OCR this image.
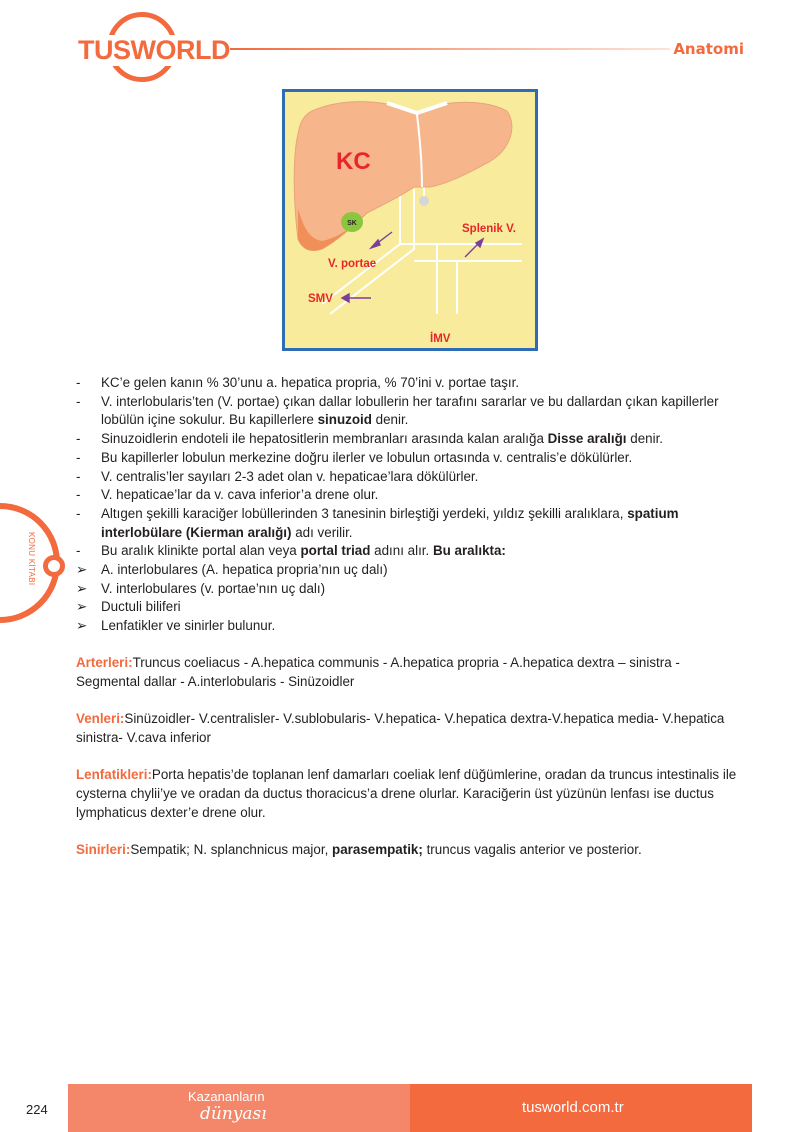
TUSWORLD	Anatomi
KONU KİTABI
SK
KC
Splenik V.
V. portae
SMV
İMV
-	KC’e gelen kanın % 30’unu a. hepatica propria, % 70’ini v. portae taşır.
-	V. interlobularis’ten (V. portae) çıkan dallar lobullerin her tarafını sararlar ve bu dallardan çıkan kapillerler lobülün içine sokulur. Bu kapillerlere sinuzoid denir.
-	Sinuzoidlerin endoteli ile hepatositlerin membranları arasında kalan aralığa Disse aralığı denir.
-	Bu kapillerler lobulun merkezine doğru ilerler ve lobulun ortasında v. centralis’e dökülürler.
-	V. centralis’ler sayıları 2-3 adet olan v. hepaticae’lara dökülürler.
-	V. hepaticae’lar da v. cava inferior’a drene olur.
-	Altıgen şekilli karaciğer lobüllerinden 3 tanesinin birleştiği yerdeki, yıldız şekilli aralıklara, spatium interlobülare (Kierman aralığı) adı verilir.
-	Bu aralık klinikte portal alan veya portal triad adını alır. Bu aralıkta:
➢	A. interlobulares (A. hepatica propria’nın uç dalı)
➢	V. interlobulares (v. portae’nın uç dalı)
➢	Ductuli biliferi
➢	Lenfatikler ve sinirler bulunur.
Arterleri:Truncus coeliacus - A.hepatica communis - A.hepatica propria - A.hepatica dextra – sinistra - Segmental dallar - A.interlobularis - Sinüzoidler
Venleri:Sinüzoidler- V.centralisler- V.sublobularis- V.hepatica- V.hepatica dextra-V.hepatica media- V.hepatica sinistra- V.cava inferior
Lenfatikleri:Porta hepatis’de toplanan lenf damarları coeliak lenf düğümlerine, oradan da truncus intestinalis ile cysterna chylii’ye ve oradan da ductus thoracicus’a drene olurlar. Karaciğerin üst yüzünün lenfası ise ductus lymphaticus dexter’e drene olur.
Sinirleri:Sempatik; N. splanchnicus major, parasempatik; truncus vagalis anterior ve posterior.
224
Kazananların
dünyası	tusworld.com.tr
